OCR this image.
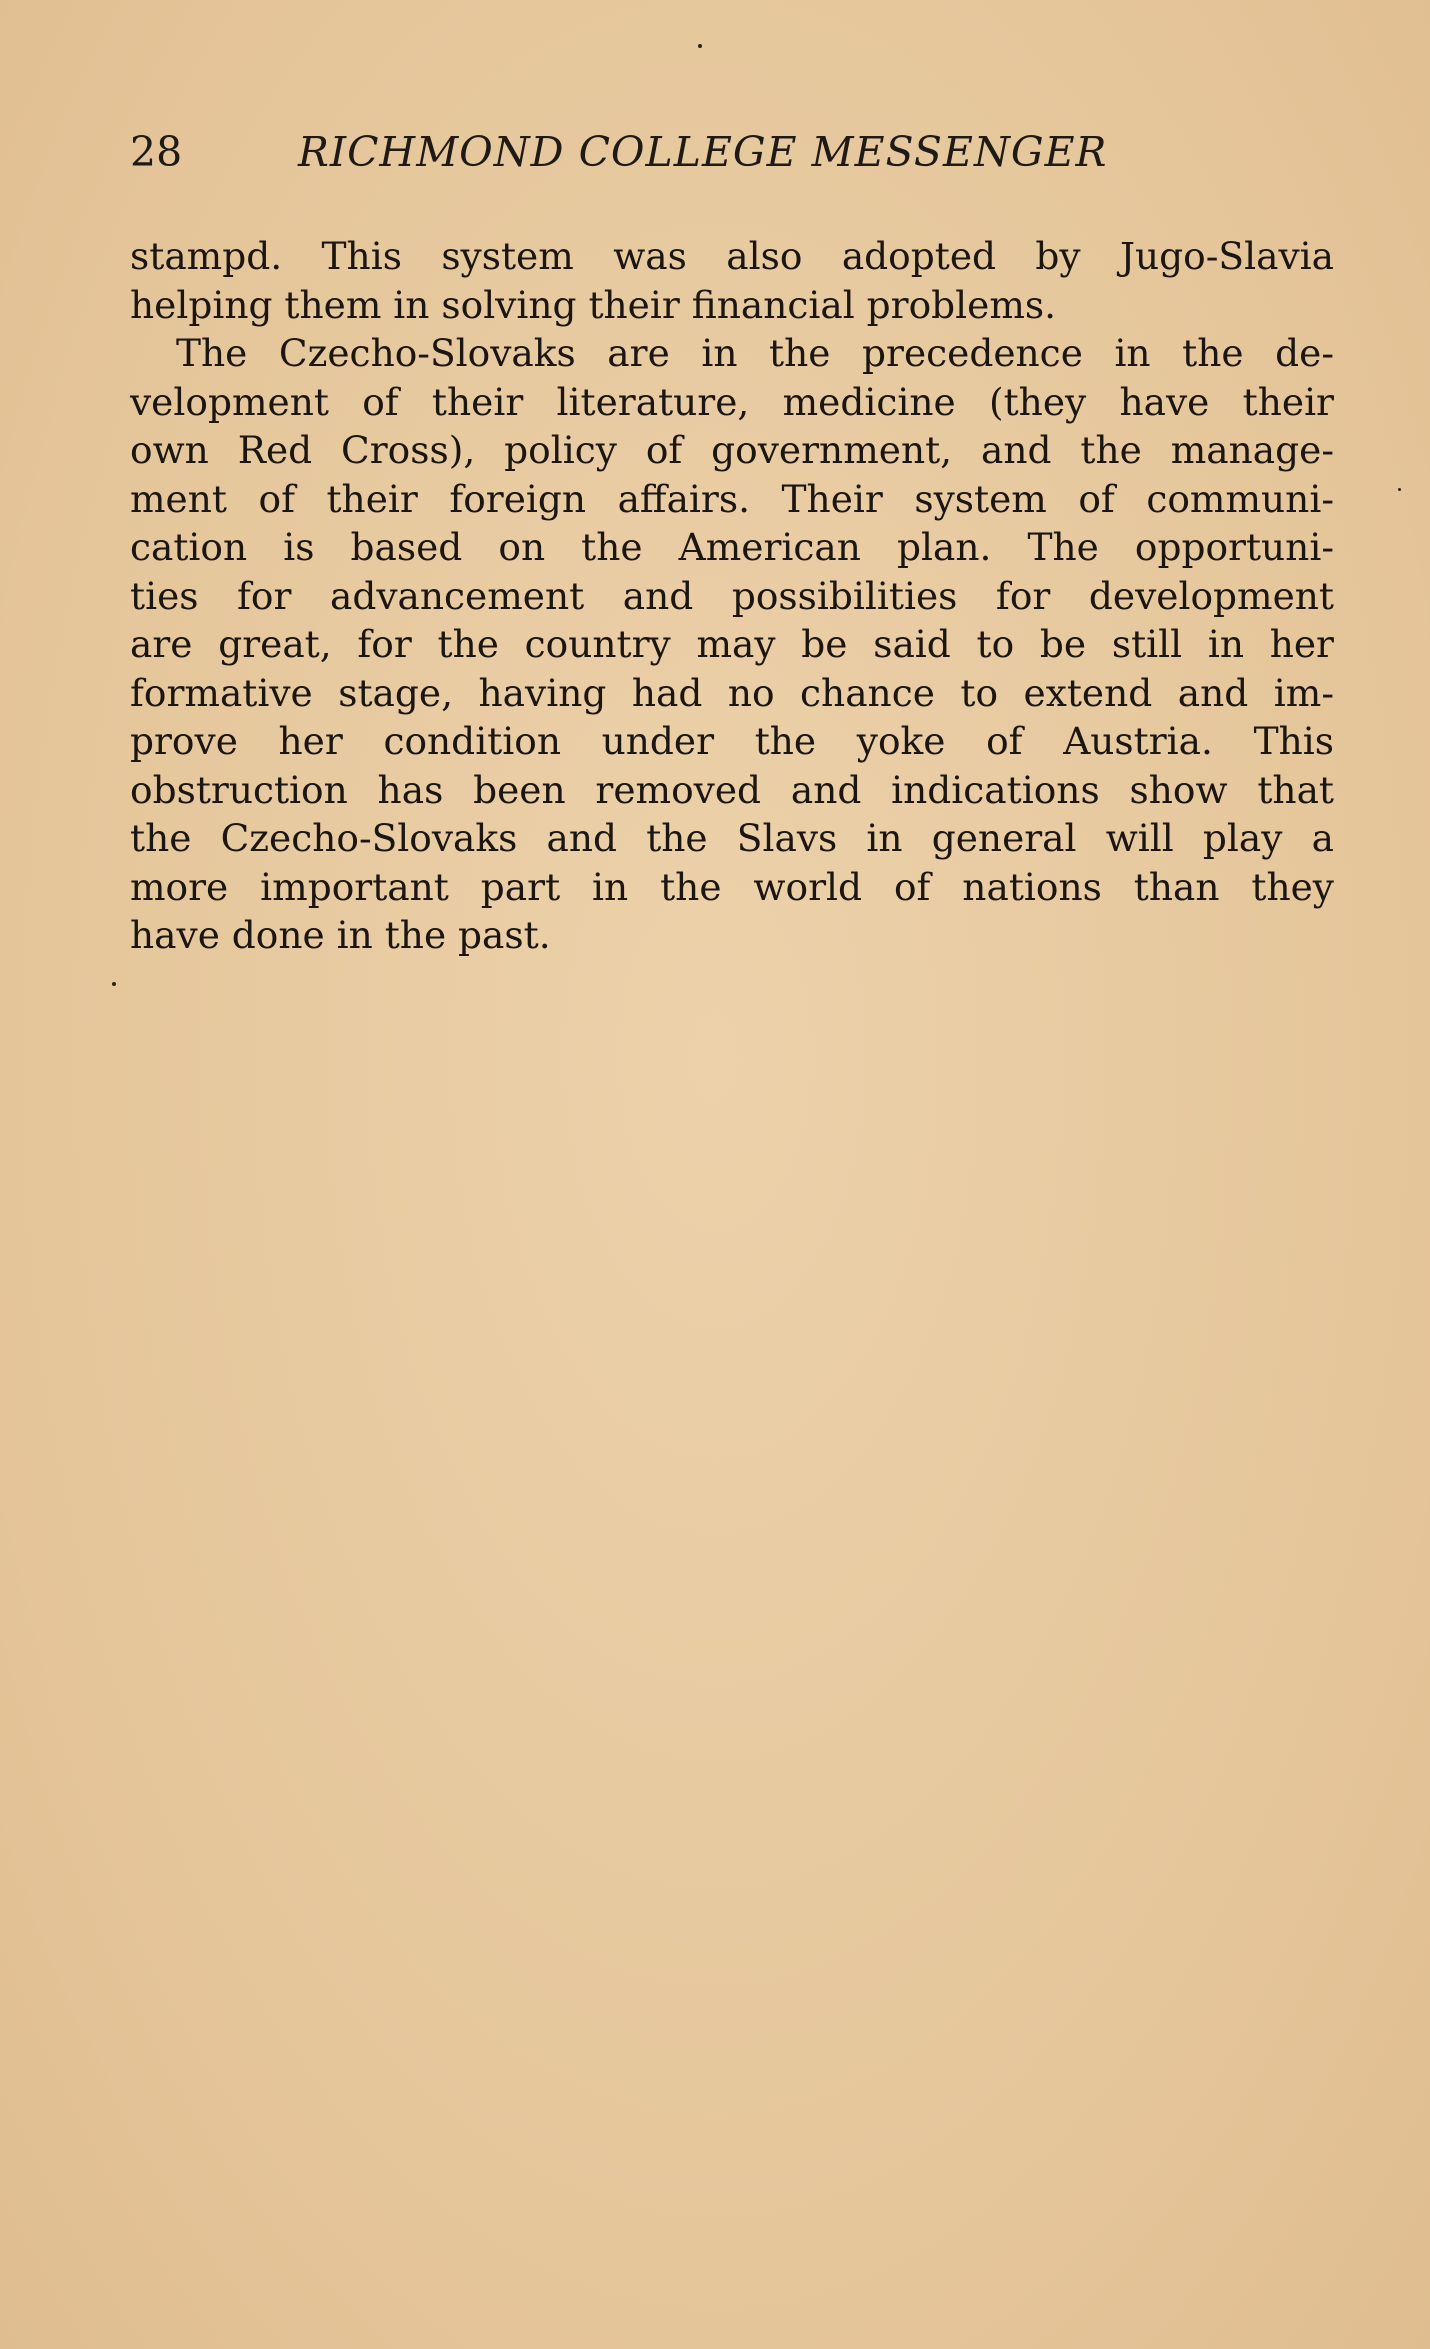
28	RICHMOND COLLEGE MESSENGER
stampd. This system was also adopted by Jugo-Slavia
helping them in solving their financial problems.
The Czecho-Slovaks are in the precedence in the de-
velopment of their literature, medicine (they have their
own Red Cross), policy of government, and the manage-
ment of their foreign affairs. Their system of communi-
cation is based on the American plan. The opportuni-
ties for advancement and possibilities for development
are great, for the country may be said to be still in her
formative stage, having had no chance to extend and im-
prove her condition under the yoke of Austria. This
obstruction has been removed and indications show that
the Czecho-Slovaks and the Slavs in general will play a
more important part in the world of nations than they
have done in the past.
